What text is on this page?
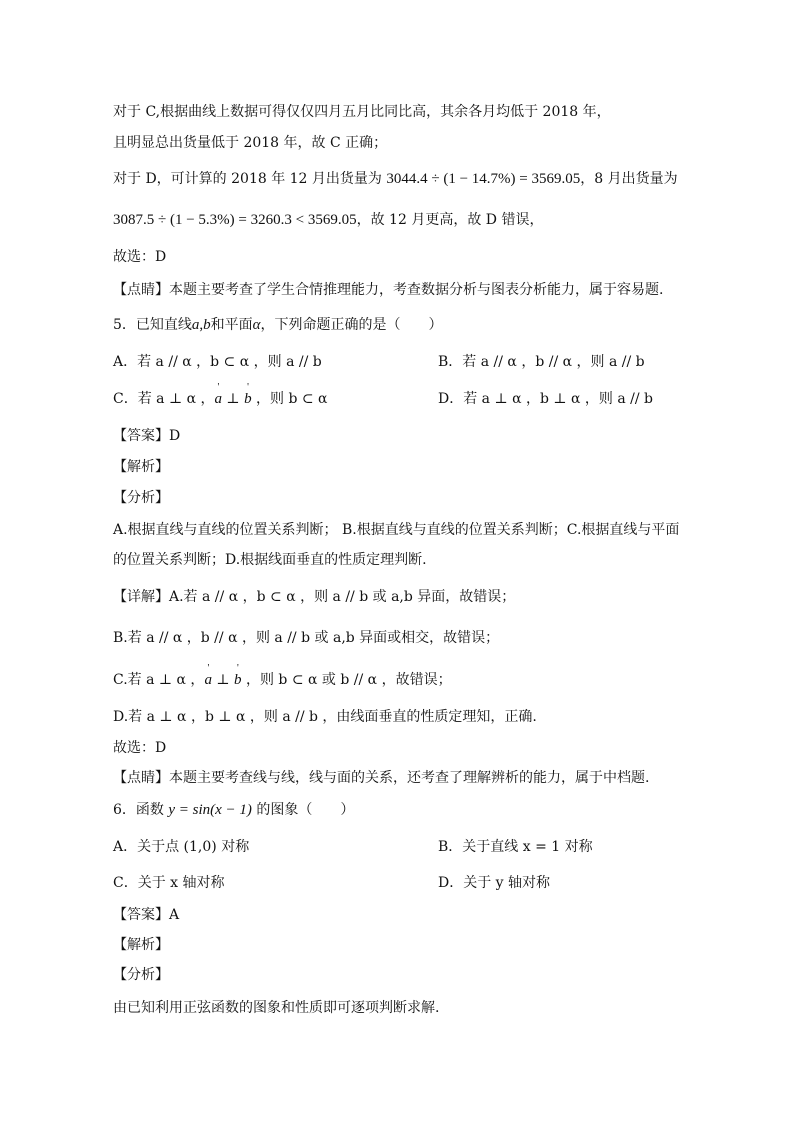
对于 C,根据曲线上数据可得仅仅四月五月比同比高，其余各月均低于 2018 年，
且明显总出货量低于 2018 年，故 C 正确；
对于 D，可计算的 2018 年 12 月出货量为 3044.4 ÷ (1 − 14.7%) = 3569.05，8 月出货量为
3087.5 ÷ (1 − 5.3%) = 3260.3 < 3569.05，故 12 月更高，故 D 错误，
故选：D
【点睛】本题主要考查了学生合情推理能力，考查数据分析与图表分析能力，属于容易题.
5．已知直线a,b和平面α，下列命题正确的是（　　）
A．若 a // α ，b ⊂ α ，则 a // b	B．若 a // α ，b // α ，则 a // b
C．若 a ⊥ α ，' a ⊥ ' b ，则 b ⊂ α	D．若 a ⊥ α ，b ⊥ α ，则 a // b
【答案】D
【解析】
【分析】
A.根据直线与直线的位置关系判断； B.根据直线与直线的位置关系判断；C.根据直线与平面
的位置关系判断；D.根据线面垂直的性质定理判断.
【详解】A.若 a // α ，b ⊂ α ，则 a // b 或 a,b 异面，故错误；
B.若 a // α ，b // α ，则 a // b 或 a,b 异面或相交，故错误；
C.若 a ⊥ α ，' a ⊥ ' b ，则 b ⊂ α 或 b // α ，故错误；
D.若 a ⊥ α ，b ⊥ α ，则 a // b ，由线面垂直的性质定理知，正确.
故选：D
【点睛】本题主要考查线与线，线与面的关系，还考查了理解辨析的能力，属于中档题.
6．函数 y = sin(x − 1) 的图象（　　）
A．关于点 (1,0) 对称	B．关于直线 x = 1 对称
C．关于 x 轴对称	D．关于 y 轴对称
【答案】A
【解析】
【分析】
由已知利用正弦函数的图象和性质即可逐项判断求解.
